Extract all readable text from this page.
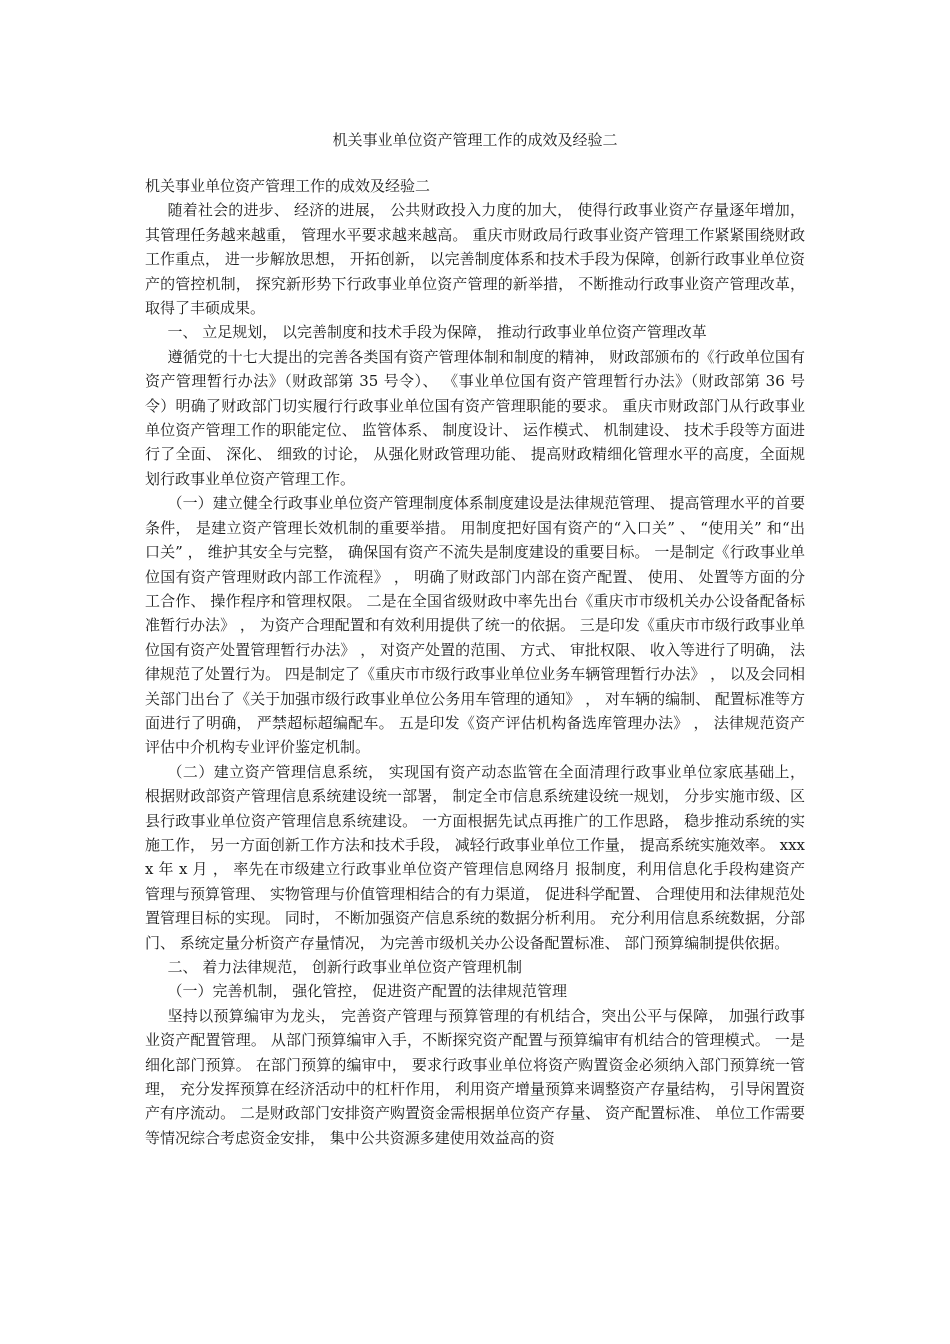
机关事业单位资产管理工作的成效及经验二

机关事业单位资产管理工作的成效及经验二

随着社会的进步、 经济的进展， 公共财政投入力度的加大， 使得行政事业资产存量逐年增加， 其管理任务越来越重， 管理水平要求越来越高。 重庆市财政局行政事业资产管理工作紧紧围绕财政工作重点， 进一步解放思想， 开拓创新， 以完善制度体系和技术手段为保障，创新行政事业单位资产的管控机制， 探究新形势下行政事业单位资产管理的新举措， 不断推动行政事业资产管理改革， 取得了丰硕成果。

一、 立足规划， 以完善制度和技术手段为保障， 推动行政事业单位资产管理改革

遵循党的十七大提出的完善各类国有资产管理体制和制度的精神， 财政部颁布的《行政单位国有资产管理暂行办法》（财政部第 35 号令）、 《事业单位国有资产管理暂行办法》（财政部第 36 号令）明确了财政部门切实履行行政事业单位国有资产管理职能的要求。 重庆市财政部门从行政事业单位资产管理工作的职能定位、 监管体系、 制度设计、 运作模式、 机制建设、 技术手段等方面进行了全面、 深化、 细致的讨论， 从强化财政管理功能、 提高财政精细化管理水平的高度，全面规划行政事业单位资产管理工作。

（一）建立健全行政事业单位资产管理制度体系制度建设是法律规范管理、 提高管理水平的首要条件， 是建立资产管理长效机制的重要举措。 用制度把好国有资产的“入口关” 、 “使用关” 和“出口关” ， 维护其安全与完整， 确保国有资产不流失是制度建设的重要目标。 一是制定《行政事业单位国有资产管理财政内部工作流程》 ， 明确了财政部门内部在资产配置、 使用、 处置等方面的分工合作、 操作程序和管理权限。 二是在全国省级财政中率先出台《重庆市市级机关办公设备配备标准暂行办法》 ， 为资产合理配置和有效利用提供了统一的依据。 三是印发《重庆市市级行政事业单位国有资产处置管理暂行办法》 ， 对资产处置的范围、 方式、 审批权限、 收入等进行了明确， 法律规范了处置行为。 四是制定了《重庆市市级行政事业单位业务车辆管理暂行办法》 ， 以及会同相关部门出台了《关于加强市级行政事业单位公务用车管理的通知》 ， 对车辆的编制、 配置标准等方面进行了明确， 严禁超标超编配车。 五是印发《资产评估机构备选库管理办法》 ， 法律规范资产评估中介机构专业评价鉴定机制。

（二）建立资产管理信息系统， 实现国有资产动态监管在全面清理行政事业单位家底基础上， 根据财政部资产管理信息系统建设统一部署， 制定全市信息系统建设统一规划， 分步实施市级、区县行政事业单位资产管理信息系统建设。 一方面根据先试点再推广的工作思路， 稳步推动系统的实施工作， 另一方面创新工作方法和技术手段， 减轻行政事业单位工作量， 提高系统实施效率。 xxxx 年 x 月 ， 率先在市级建立行政事业单位资产管理信息网络月 报制度，利用信息化手段构建资产管理与预算管理、 实物管理与价值管理相结合的有力渠道， 促进科学配置、 合理使用和法律规范处置管理目标的实现。 同时， 不断加强资产信息系统的数据分析利用。 充分利用信息系统数据，分部门、 系统定量分析资产存量情况， 为完善市级机关办公设备配置标准、 部门预算编制提供依据。

二、 着力法律规范， 创新行政事业单位资产管理机制

（一）完善机制， 强化管控， 促进资产配置的法律规范管理

坚持以预算编审为龙头， 完善资产管理与预算管理的有机结合，突出公平与保障， 加强行政事业资产配置管理。 从部门预算编审入手，不断探究资产配置与预算编审有机结合的管理模式。 一是细化部门预算。 在部门预算的编审中， 要求行政事业单位将资产购置资金必须纳入部门预算统一管理， 充分发挥预算在经济活动中的杠杆作用， 利用资产增量预算来调整资产存量结构， 引导闲置资产有序流动。 二是财政部门安排资产购置资金需根据单位资产存量、 资产配置标准、 单位工作需要等情况综合考虑资金安排， 集中公共资源多建使用效益高的资
